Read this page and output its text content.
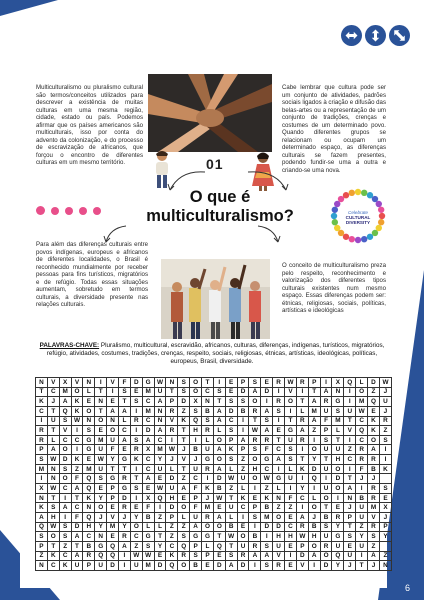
Multiculturalismo ou pluralismo cultural são termos/conceitos utilizados para descrever a existência de muitas culturas em uma mesma região, cidade, estado ou país. Podemos afirmar que os países americanos são multiculturais, isso por conta do advento da colonização, e do processo de escravização de africanos, que forçou o encontro de diferentes culturas em um mesmo território.
Cabe lembrar que cultura pode ser um conjunto de atividades, padrões sociais ligados à criação e difusão das belas-artes ou a representação de um conjunto de tradições, crenças e costumes de um determinado povo. Quando diferentes grupos se relacionam ou ocupam um determinado espaço, as diferenças culturais se fazem presentes, podendo fundir-se uma a outra e criando-se uma nova.
01
O que é
multiculturalismo?	Celebrate
CULTURAL
DIVERSITY
Para além das diferenças culturais entre povos indígenas, europeus e africanos de diferentes localidades, o Brasil é reconhecido mundialmente por receber pessoas para fins turísticos, migratórios e de refúgio. Todas essas situações aumentam, sobretudo em termos culturais, a diversidade presente nas relações culturais.
O conceito de multiculturalismo preza pelo respeito, reconhecimento e valorização dos diferentes tipos culturais existentes num mesmo espaço. Essas diferenças podem ser: étnicas, religiosas, sociais, políticas, artísticas e ideológicas
PALAVRAS-CHAVE: Pluralismo, multicultural, escravidão, africanos, culturas, diferenças, indígenas, turísticos, migratórios, refúgio, atividades, costumes, tradições, crenças, respeito, sociais, religiosas, étnicas, artísticas, ideológicas, políticas, europeus, Brasil, diversidade.
N	V	X	V	N	I	V	F	D	G	W	N	S	O	T	I	E	P	S	E	R	W	R	P	I	X	Q	L	D	W
T	C	M	O	L	T	I	S	E	M	U	T	S	O	C	S	E	D	A	D	I	V	I	T	A	N	I	O	Z	J
K	J	A	K	E	N	E	T	S	C	A	P	D	X	N	T	S	S	O	I	R	O	T	A	R	G	I	M	Q	U
C	T	Q	K	O	T	A	A	I	M	N	R	Z	S	B	A	D	B	R	A	S	I	L	M	U	S	U	W	E	J
I	U	S	W	N	O	N	L	R	C	N	V	K	Q	S	A	C	I	T	S	I	T	R	A	F	M	T	C	K	R
R	T	V	I	S	E	O	C	I	D	A	R	T	H	R	L	S	I	W	A	E	G	A	Z	P	L	V	Q	K	Z
R	L	C	C	G	M	U	A	S	A	C	I	T	I	L	O	P	A	R	R	T	U	R	I	S	T	I	C	O	S
P	A	O	I	G	U	F	E	R	X	M	W	J	B	U	A	K	P	S	F	C	S	I	O	U	U	Z	R	A	I
S	W	D	K	E	W	Y	G	K	C	Y	J	V	J	G	O	S	Z	O	G	A	S	T	Y	T	H	C	R	R	I
M	N	S	Z	M	U	T	T	I	C	U	L	T	U	R	A	L	Z	H	C	I	L	K	D	U	O	I	F	B	K
I	N	O	F	Q	S	G	R	T	A	E	D	Z	C	I	D	W	U	O	W	G	U	I	Q	I	D	T	J	J	
X	W	C	A	Q	E	P	G	S	E	W	U	A	F	K	B	Z	L	I	Z	L	I	Y	I	U	O	A	I	R	S
N	T	I	T	K	Y	P	D	I	X	Q	H	E	P	J	W	T	K	E	K	N	F	C	L	O	I	N	B	R	E
K	S	A	C	N	O	E	R	E	F	I	D	O	F	M	E	U	C	P	B	Z	Z	I	O	T	E	J	U	M	X
A	H	I	F	Q	J	V	J	Y	B	Z	P	L	U	R	A	L	I	S	M	O	E	A	J	B	R	P	U	V	J
Q	W	S	D	H	Y	M	Y	O	L	L	Z	Z	A	O	O	B	E	I	D	D	C	R	B	S	Y	T	Z	R	P
S	O	S	A	C	N	E	R	C	G	T	Z	S	G	G	T	W	O	B	I	H	H	W	H	U	G	S	Y	S	Y
P	T	Z	T	B	G	Q	A	Z	S	Y	C	Q	P	L	Q	T	U	R	S	U	E	P	O	R	U	E	U	Z	
Z	K	C	A	R	Q	Q	I	W	W	E	K	R	S	P	E	S	R	A	A	V	I	D	A	O	Q	U	I	A	Z
N	C	K	U	P	U	D	I	U	M	D	Q	O	B	E	D	A	D	I	S	R	E	V	I	D	Y	J	T	J	N
6
